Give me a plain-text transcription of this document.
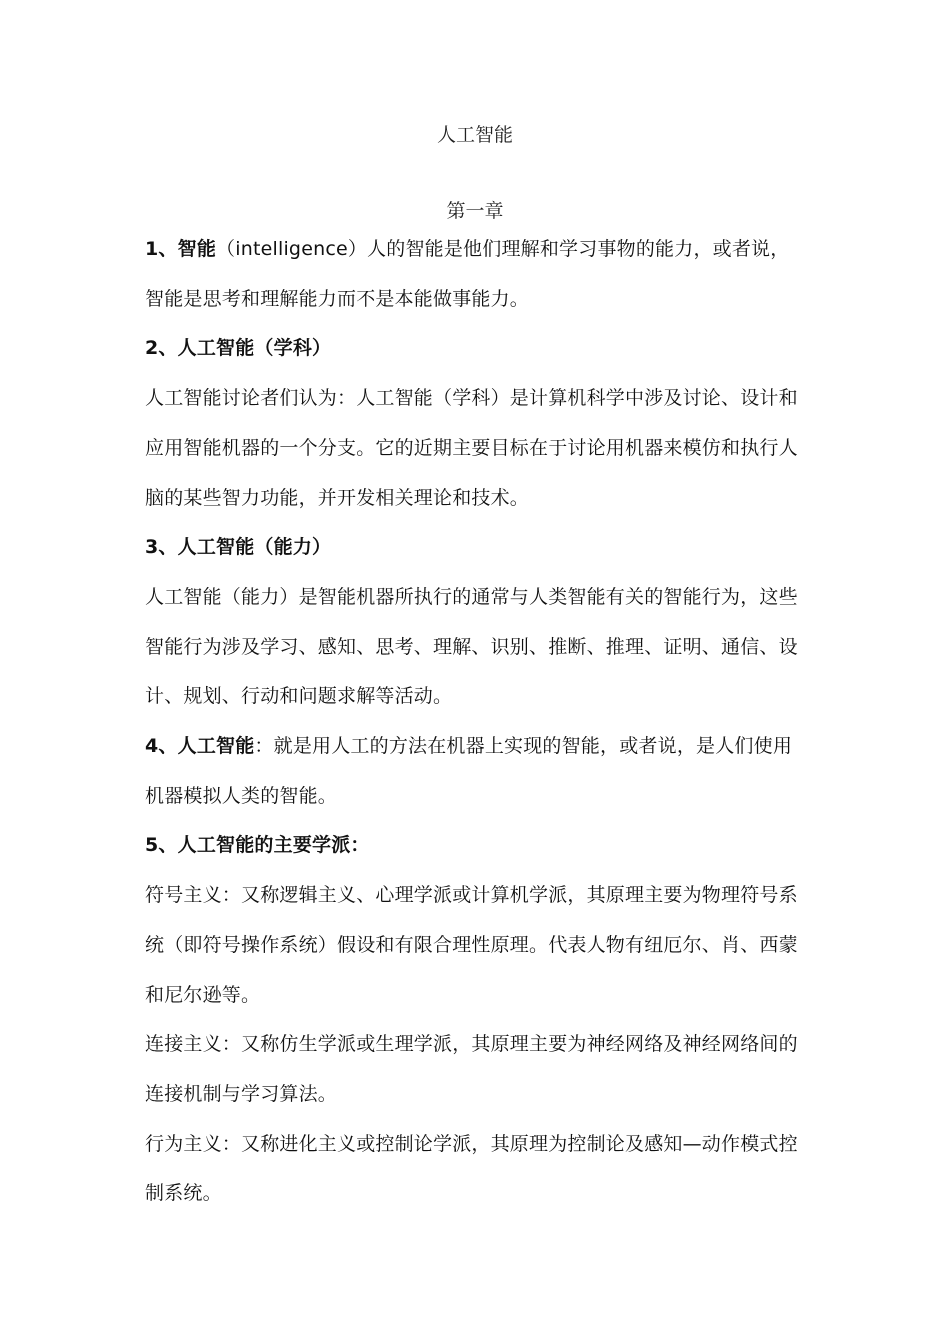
人工智能
第一章

1、智能（intelligence）人的智能是他们理解和学习事物的能力，或者说，智能是思考和理解能力而不是本能做事能力。

2、人工智能（学科）

人工智能讨论者们认为：人工智能（学科）是计算机科学中涉及讨论、设计和应用智能机器的一个分支。它的近期主要目标在于讨论用机器来模仿和执行人脑的某些智力功能，并开发相关理论和技术。

3、人工智能（能力）

人工智能（能力）是智能机器所执行的通常与人类智能有关的智能行为，这些智能行为涉及学习、感知、思考、理解、识别、推断、推理、证明、通信、设计、规划、行动和问题求解等活动。

4、人工智能：就是用人工的方法在机器上实现的智能，或者说，是人们使用机器模拟人类的智能。

5、人工智能的主要学派：

符号主义：又称逻辑主义、心理学派或计算机学派，其原理主要为物理符号系统（即符号操作系统）假设和有限合理性原理。代表人物有纽厄尔、肖、西蒙和尼尔逊等。

连接主义：又称仿生学派或生理学派，其原理主要为神经网络及神经网络间的连接机制与学习算法。

行为主义：又称进化主义或控制论学派，其原理为控制论及感知—动作模式控制系统。
